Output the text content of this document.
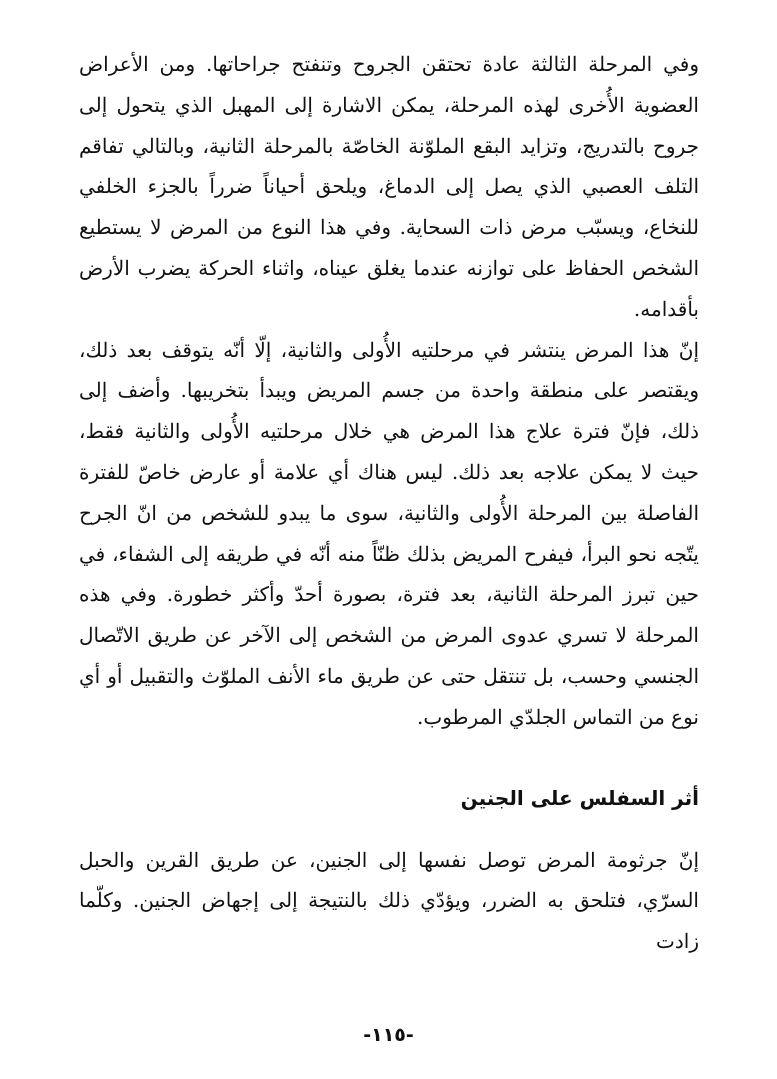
وفي المرحلة الثالثة عادة تحتقن الجروح وتنفتح جراحاتها. ومن الأعراض العضوية الأُخرى لهذه المرحلة، يمكن الاشارة إلى المهبل الذي يتحول إلى جروح بالتدريج، وتزايد البقع الملوّنة الخاصّة بالمرحلة الثانية، وبالتالي تفاقم التلف العصبي الذي يصل إلى الدماغ، ويلحق أحياناً ضرراً بالجزء الخلفي للنخاع، ويسبّب مرض ذات السحاية. وفي هذا النوع من المرض لا يستطيع الشخص الحفاظ على توازنه عندما يغلق عيناه، واثناء الحركة يضرب الأرض بأقدامه.

إنّ هذا المرض ينتشر في مرحلتيه الأُولى والثانية، إلّا أنّه يتوقف بعد ذلك، ويقتصر على منطقة واحدة من جسم المريض ويبدأ بتخريبها. وأضف إلى ذلك، فإنّ فترة علاج هذا المرض هي خلال مرحلتيه الأُولى والثانية فقط، حيث لا يمكن علاجه بعد ذلك. ليس هناك أي علامة أو عارض خاصّ للفترة الفاصلة بين المرحلة الأُولى والثانية، سوى ما يبدو للشخص من انّ الجرح يتّجه نحو البرأ، فيفرح المريض بذلك ظنّاً منه أنّه في طريقه إلى الشفاء، في حين تبرز المرحلة الثانية، بعد فترة، بصورة أحدّ وأكثر خطورة. وفي هذه المرحلة لا تسري عدوى المرض من الشخص إلى الآخر عن طريق الاتّصال الجنسي وحسب، بل تنتقل حتى عن طريق ماء الأنف الملوّث والتقبيل أو أي نوع من التماس الجلدّي المرطوب.

أثر السفلس على الجنين

إنّ جرثومة المرض توصل نفسها إلى الجنين، عن طريق القرين والحبل السرّي، فتلحق به الضرر، ويؤدّي ذلك بالنتيجة إلى إجهاض الجنين. وكلّما زادت

-١١٥-
